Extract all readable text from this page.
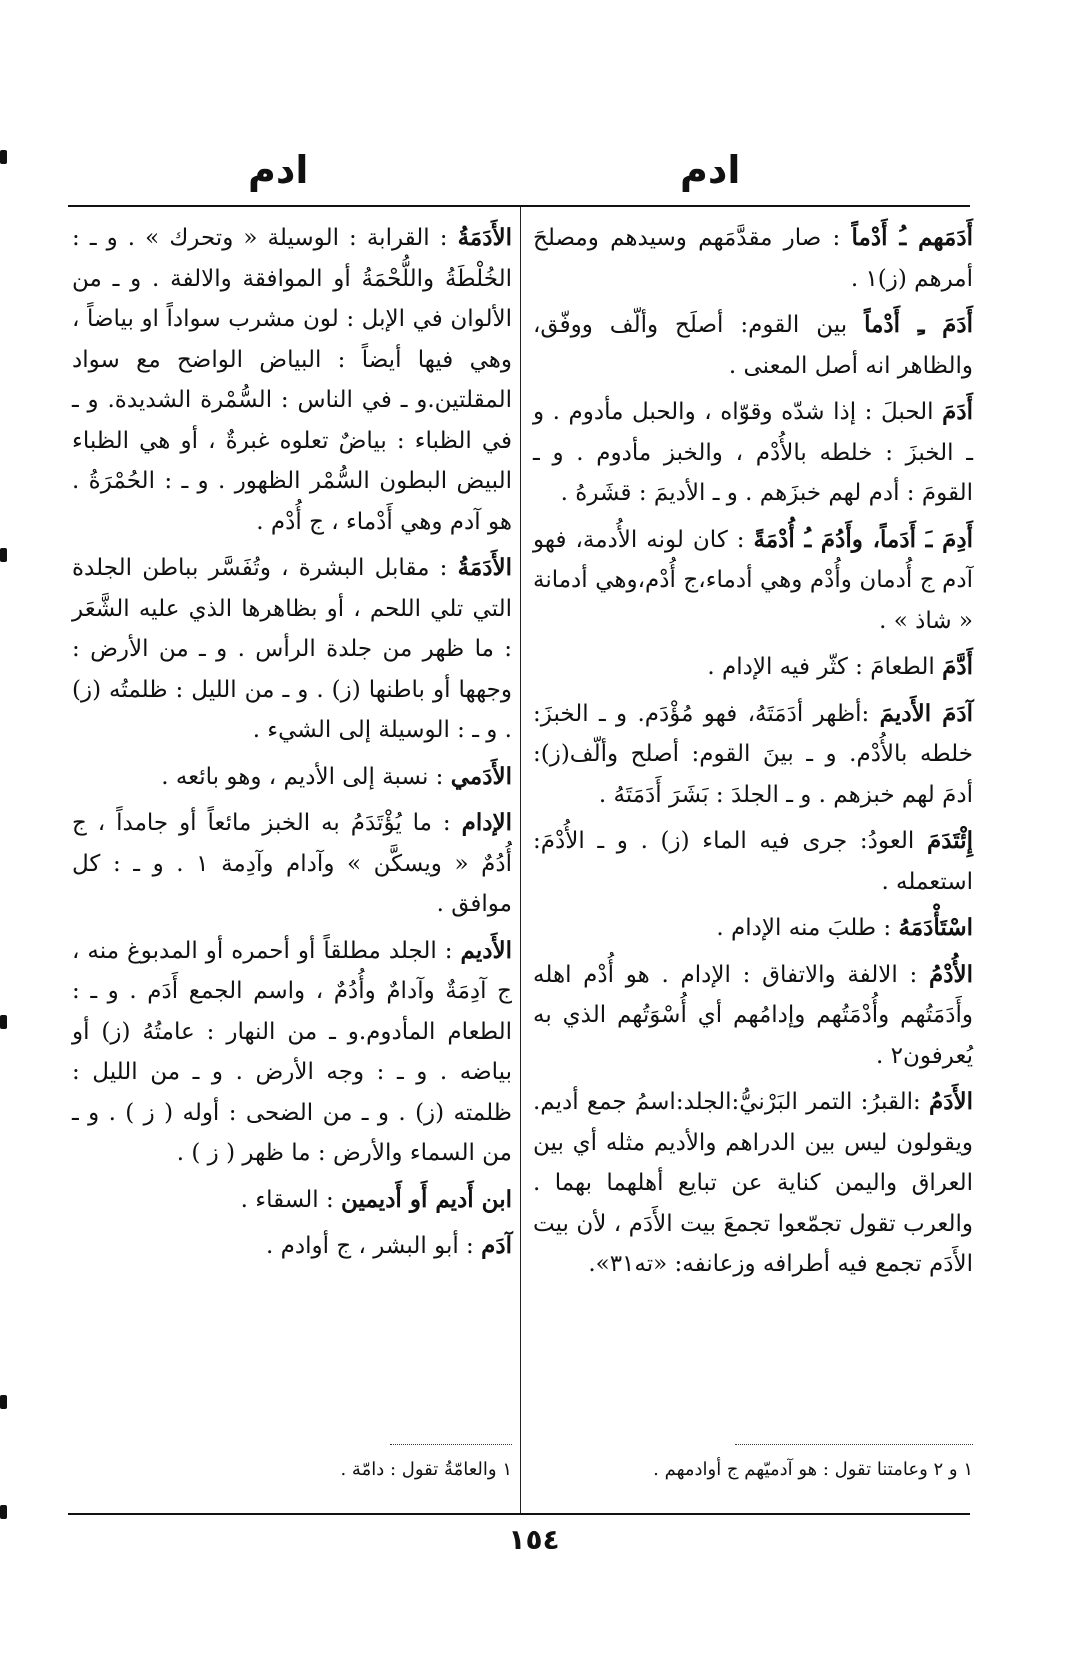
ادم
ادم

أَدَمَهم ـُ أَدْماً : صار مقدَّمَهم وسيدهم ومصلحَ أمرهم (ز)١ .

أَدَمَ ـِ أَدْماً بين القوم: أصلَح وألّف ووفّق، والظاهر انه أصل المعنى .

أَدَمَ الحبلَ : إذا شدّه وقوّاه ، والحبل مأدوم . و ـ الخبزَ : خلطه بالأُدْم ، والخبز مأدوم . و ـ القومَ : أدم لهم خبزَهم . و ـ الأديمَ : قشَرهُ .

أَدِمَ ـَ أَدَماً، وأَدُمَ ـُ أُدْمَةً : كان لونه الأُدمة، فهو آدم ج أُدمان وأُدْم وهي أدماء،ج أُدْم،وهي أدمانة « شاذ » .

أَدَّمَ الطعامَ : كثّر فيه الإدام .

آدَمَ الأَديمَ :أظهر أدَمَتَهُ، فهو مُؤْدَم. و ـ الخبزَ: خلطه بالأُدْم. و ـ بينَ القوم: أصلح وألّف(ز): أدمَ لهم خبزهم . و ـ الجلدَ : بَشَرَ أَدَمَتَهُ .

إِئْتَدَمَ العودُ: جرى فيه الماء (ز) . و ـ الأُدْمَ: استعمله .

اسْتَأْدَمَهُ : طلبَ منه الإدام .

الأُدْمُ : الالفة والاتفاق : الإدام . هو أُدْم اهله وأَدَمَتُهم وأُدْمَتُهم وإدامُهم أي أُسْوَتُهم الذي به يُعرفون٢ .

الأَدَمُ :القبرُ: التمر البَرْنيُّ:الجلد:اسمُ جمع أديم. ويقولون ليس بين الدراهم والأديم مثله أي بين العراق واليمن كناية عن تبايع أهلهما بهما . والعرب تقول تجمّعوا تجمعَ بيت الأَدَم ، لأن بيت الأَدَم تجمع فيه أطرافه وزعانفه: «ته٣١».

الأَدَمَةُ : القرابة : الوسيلة « وتحرك » . و ـ : الخُلْطَةُ واللُّحْمَةُ أو الموافقة والالفة . و ـ من الألوان في الإبل : لون مشرب سواداً او بياضاً ، وهي فيها أيضاً : البياض الواضح مع سواد المقلتين.و ـ في الناس : السُّمْرة الشديدة. و ـ في الظباء : بياضٌ تعلوه غبرةٌ ، أو هي الظباء البيض البطون السُّمْر الظهور . و ـ : الحُمْرَةُ . هو آدم وهي أَدْماء ، ج أُدْم .

الأَدَمَةُ : مقابل البشرة ، وتُفَسَّر بباطن الجلدة التي تلي اللحم ، أو بظاهرها الذي عليه الشَّعَر : ما ظهر من جلدة الرأس . و ـ من الأرض : وجهها أو باطنها (ز) . و ـ من الليل : ظلمتُه (ز) . و ـ : الوسيلة إلى الشيء .

الأَدَمي : نسبة إلى الأديم ، وهو بائعه .

الإدام : ما يُؤْتَدَمُ به الخبز مائعاً أو جامداً ، ج أُدُمٌ « ويسكَّن » وآدام وآدِمة ١ . و ـ : كل موافق .

الأَديم : الجلد مطلقاً أو أحمره أو المدبوغ منه ، ج آدِمَةٌ وآدامٌ وأُدُمٌ ، واسم الجمع أَدَم . و ـ : الطعام المأدوم.و ـ من النهار : عامتُهُ (ز) أو بياضه . و ـ : وجه الأرض . و ـ من الليل : ظلمته (ز) . و ـ من الضحى : أوله ( ز ) . و ـ من السماء والأرض : ما ظهر ( ز ) .

ابن أَديم أَو أَديمين : السقاء .

آدَم : أبو البشر ، ج أوادم .

١ و ٢ وعامتنا تقول : هو آدميّهم ج أوادمهم .
١ والعامّةُ تقول : دامّة .
١٥٤
